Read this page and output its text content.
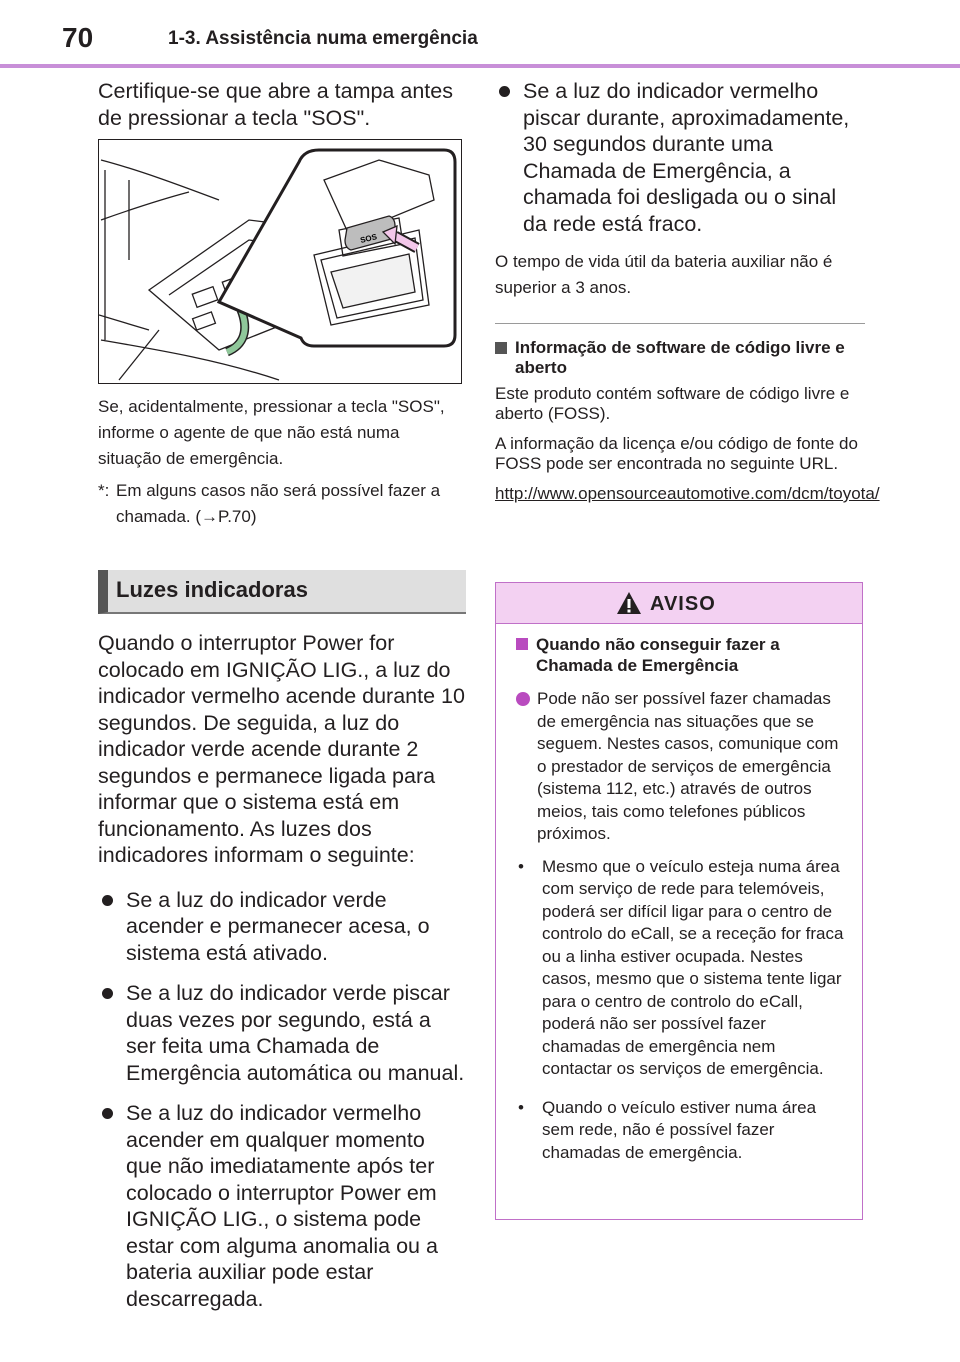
70	1-3. Assistência numa emergência

Certifique-se que abre a tampa antes de pressionar a tecla "SOS".

SOS

Se, acidentalmente, pressionar a tecla "SOS", informe o agente de que não está numa situação de emergência.

*: Em alguns casos não será possível fazer a chamada. (→P.70)
Luzes indicadoras

Quando o interruptor Power for colocado em IGNIÇÃO LIG., a luz do indicador vermelho acende durante 10 segundos. De seguida, a luz do indicador verde acende durante 2 segundos e permanece ligada para informar que o sistema está em funcionamento. As luzes dos indicadores informam o seguinte:

Se a luz do indicador verde acender e permanecer acesa, o sistema está ativado.
Se a luz do indicador verde piscar duas vezes por segundo, está a ser feita uma Chamada de Emergência automática ou manual.
Se a luz do indicador vermelho acender em qualquer momento que não imediatamente após ter colocado o interruptor Power em IGNIÇÃO LIG., o sistema pode estar com alguma anomalia ou a bateria auxiliar pode estar descarregada.
Se a luz do indicador vermelho piscar durante, aproximadamente, 30 segundos durante uma Chamada de Emergência, a chamada foi desligada ou o sinal da rede está fraco.

O tempo de vida útil da bateria auxiliar não é superior a 3 anos.

Informação de software de código livre e aberto

Este produto contém software de código livre e aberto (FOSS).

A informação da licença e/ou código de fonte do FOSS pode ser encontrada no seguinte URL.

http://www.opensourceautomotive.com/dcm/toyota/
AVISO
Quando não conseguir fazer a Chamada de Emergência
Pode não ser possível fazer chamadas de emergência nas situações que se seguem. Nestes casos, comunique com o prestador de serviços de emergência (sistema 112, etc.) através de outros meios, tais como telefones públicos próximos.
•	Mesmo que o veículo esteja numa área com serviço de rede para telemóveis, poderá ser difícil ligar para o centro de controlo do eCall, se a receção for fraca ou a linha estiver ocupada. Nestes casos, mesmo que o sistema tente ligar para o centro de controlo do eCall, poderá não ser possível fazer chamadas de emergência nem contactar os serviços de emergência.
•	Quando o veículo estiver numa área sem rede, não é possível fazer chamadas de emergência.
